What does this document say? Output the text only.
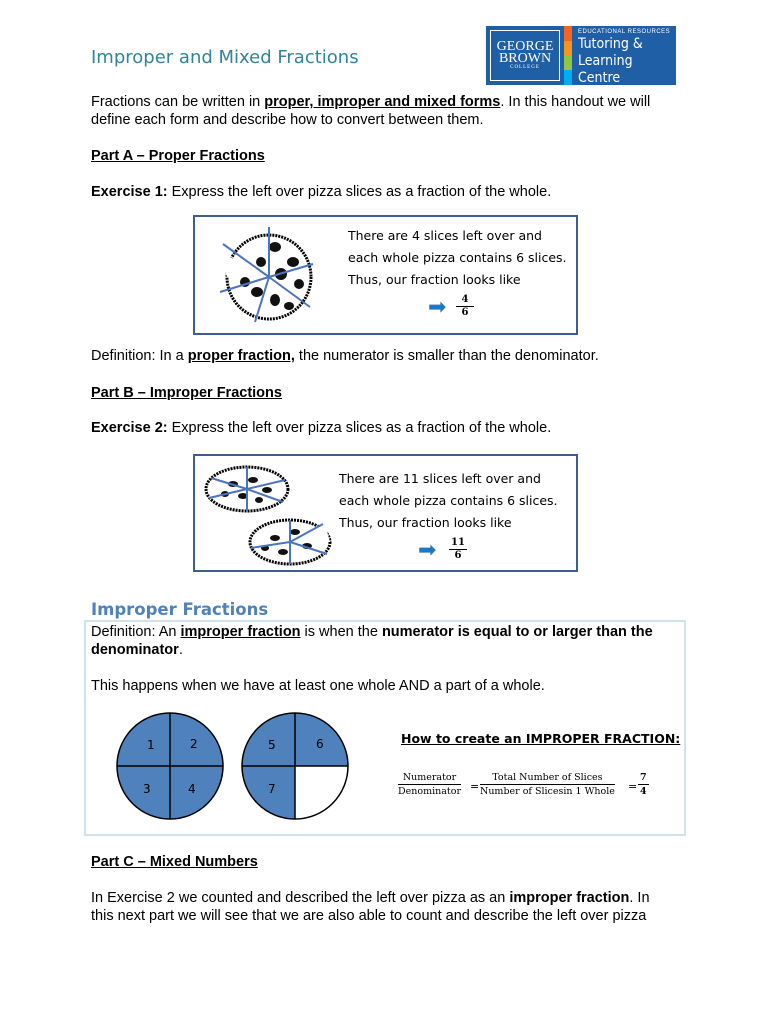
Improper and Mixed Fractions
GEORGE
BROWN
COLLEGE
EDUCATIONAL RESOURCES
Tutoring &
Learning Centre

Fractions can be written in proper, improper and mixed forms. In this handout we will

define each form and describe how to convert between them.

Part A – Proper Fractions

Exercise 1: Express the left over pizza slices as a fraction of the whole.

There are 4 slices left over and
each whole pizza contains 6 slices.
Thus, our fraction looks like
➡ $\frac{4}{6}$

Definition: In a proper fraction, the numerator is smaller than the denominator.

Part B – Improper Fractions

Exercise 2: Express the left over pizza slices as a fraction of the whole.

There are 11 slices left over and
each whole pizza contains 6 slices.
Thus, our fraction looks like
➡ $\frac{11}{6}$
Improper Fractions

Definition: An improper fraction is when the numerator is equal to or larger than the

denominator.

This happens when we have at least one whole AND a part of a whole.

1	2
3	4
5	6
7
How to create an IMPROPER FRACTION:
Numerator
Denominator =
Total Number of Slices
Number of Slicesin 1 Whole = $\frac{7}{4}$

Part C – Mixed Numbers

In Exercise 2 we counted and described the left over pizza as an improper fraction. In

this next part we will see that we are also able to count and describe the left over pizza
